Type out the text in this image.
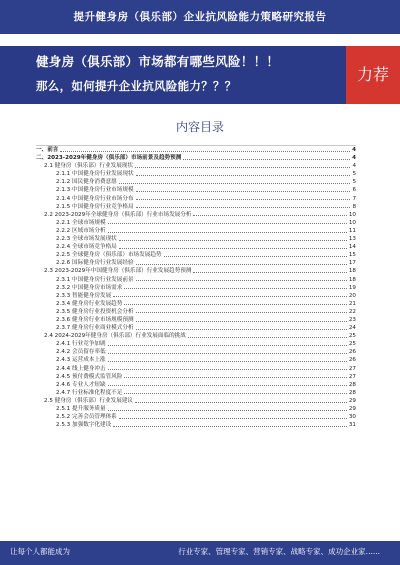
提升健身房（俱乐部）企业抗风险能力策略研究报告
健身房（俱乐部）市场都有哪些风险！！！
那么，如何提升企业抗风险能力？？？
力荐
内容目录
一、前言	4
二、2023-2029年健身房（俱乐部）市场前景及趋势预测	4
2.1 健身房（俱乐部）行业发展现状	4
2.1.1 中国健身房行业发展现状	5
2.1.2 国民健身消费意愿	5
2.1.3 中国健身房行业市场规模	6
2.1.4 中国健身房行业市场分布	7
2.1.5 中国健身房行业竞争格局	8
2.2 2023-2029年全球健身房（俱乐部）行业市场发展分析	10
2.2.1 全球市场规模	10
2.2.2 区域市场分析	11
2.2.3 全球市场发展现状	13
2.2.4 全球市场竞争格局	14
2.2.5 全球健身房（俱乐部）市场发展趋势	15
2.2.6 国际健身房行业发展经验	17
2.3 2023-2029年中国健身房（俱乐部）行业发展趋势预测	18
2.3.1 中国健身房行业发展前景	18
2.3.2 中国健身房市场需求	19
2.3.3 智能健身房发展	20
2.3.4 健身房行业发展趋势	21
2.3.5 健身房行业投资机会分析	22
2.3.6 健身房行业市场规模预测	23
2.3.7 健身房行业商业模式分析	24
2.4 2024-2029年健身房（俱乐部）行业发展面临的挑战	25
2.4.1 行业竞争加剧	25
2.4.2 会员留存率低	26
2.4.3 运营成本上涨	26
2.4.4 线上健身冲击	27
2.4.5 预付费模式监管风险	27
2.4.6 专业人才短缺	28
2.4.7 行业标准化程度不足	28
2.5 健身房（俱乐部）行业发展建议	29
2.5.1 提升服务质量	29
2.5.2 完善会员管理体系	30
2.5.3 加强数字化建设	31
让每个人都能成为	行业专家、管理专家、营销专家、战略专家、成功企业家......
